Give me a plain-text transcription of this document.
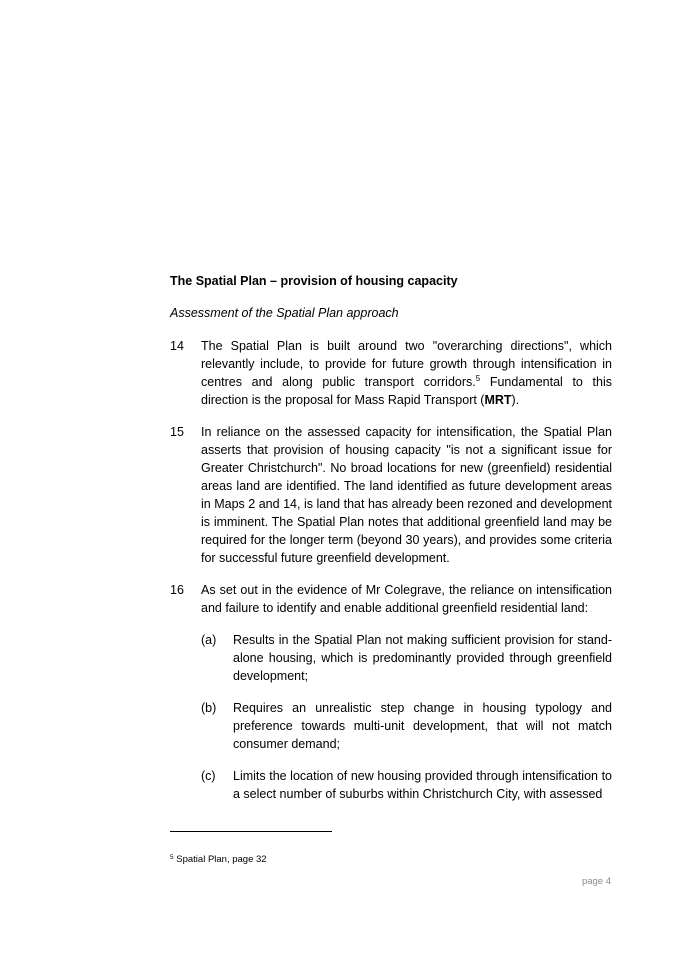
The Spatial Plan – provision of housing capacity
Assessment of the Spatial Plan approach
14 The Spatial Plan is built around two "overarching directions", which relevantly include, to provide for future growth through intensification in centres and along public transport corridors.$^5$ Fundamental to this direction is the proposal for Mass Rapid Transport (MRT).
15 In reliance on the assessed capacity for intensification, the Spatial Plan asserts that provision of housing capacity "is not a significant issue for Greater Christchurch". No broad locations for new (greenfield) residential areas land are identified. The land identified as future development areas in Maps 2 and 14, is land that has already been rezoned and development is imminent. The Spatial Plan notes that additional greenfield land may be required for the longer term (beyond 30 years), and provides some criteria for successful future greenfield development.
16 As set out in the evidence of Mr Colegrave, the reliance on intensification and failure to identify and enable additional greenfield residential land:
(a) Results in the Spatial Plan not making sufficient provision for stand-alone housing, which is predominantly provided through greenfield development;
(b) Requires an unrealistic step change in housing typology and preference towards multi-unit development, that will not match consumer demand;
(c) Limits the location of new housing provided through intensification to a select number of suburbs within Christchurch City, with assessed
$^5$ Spatial Plan, page 32
page 4
